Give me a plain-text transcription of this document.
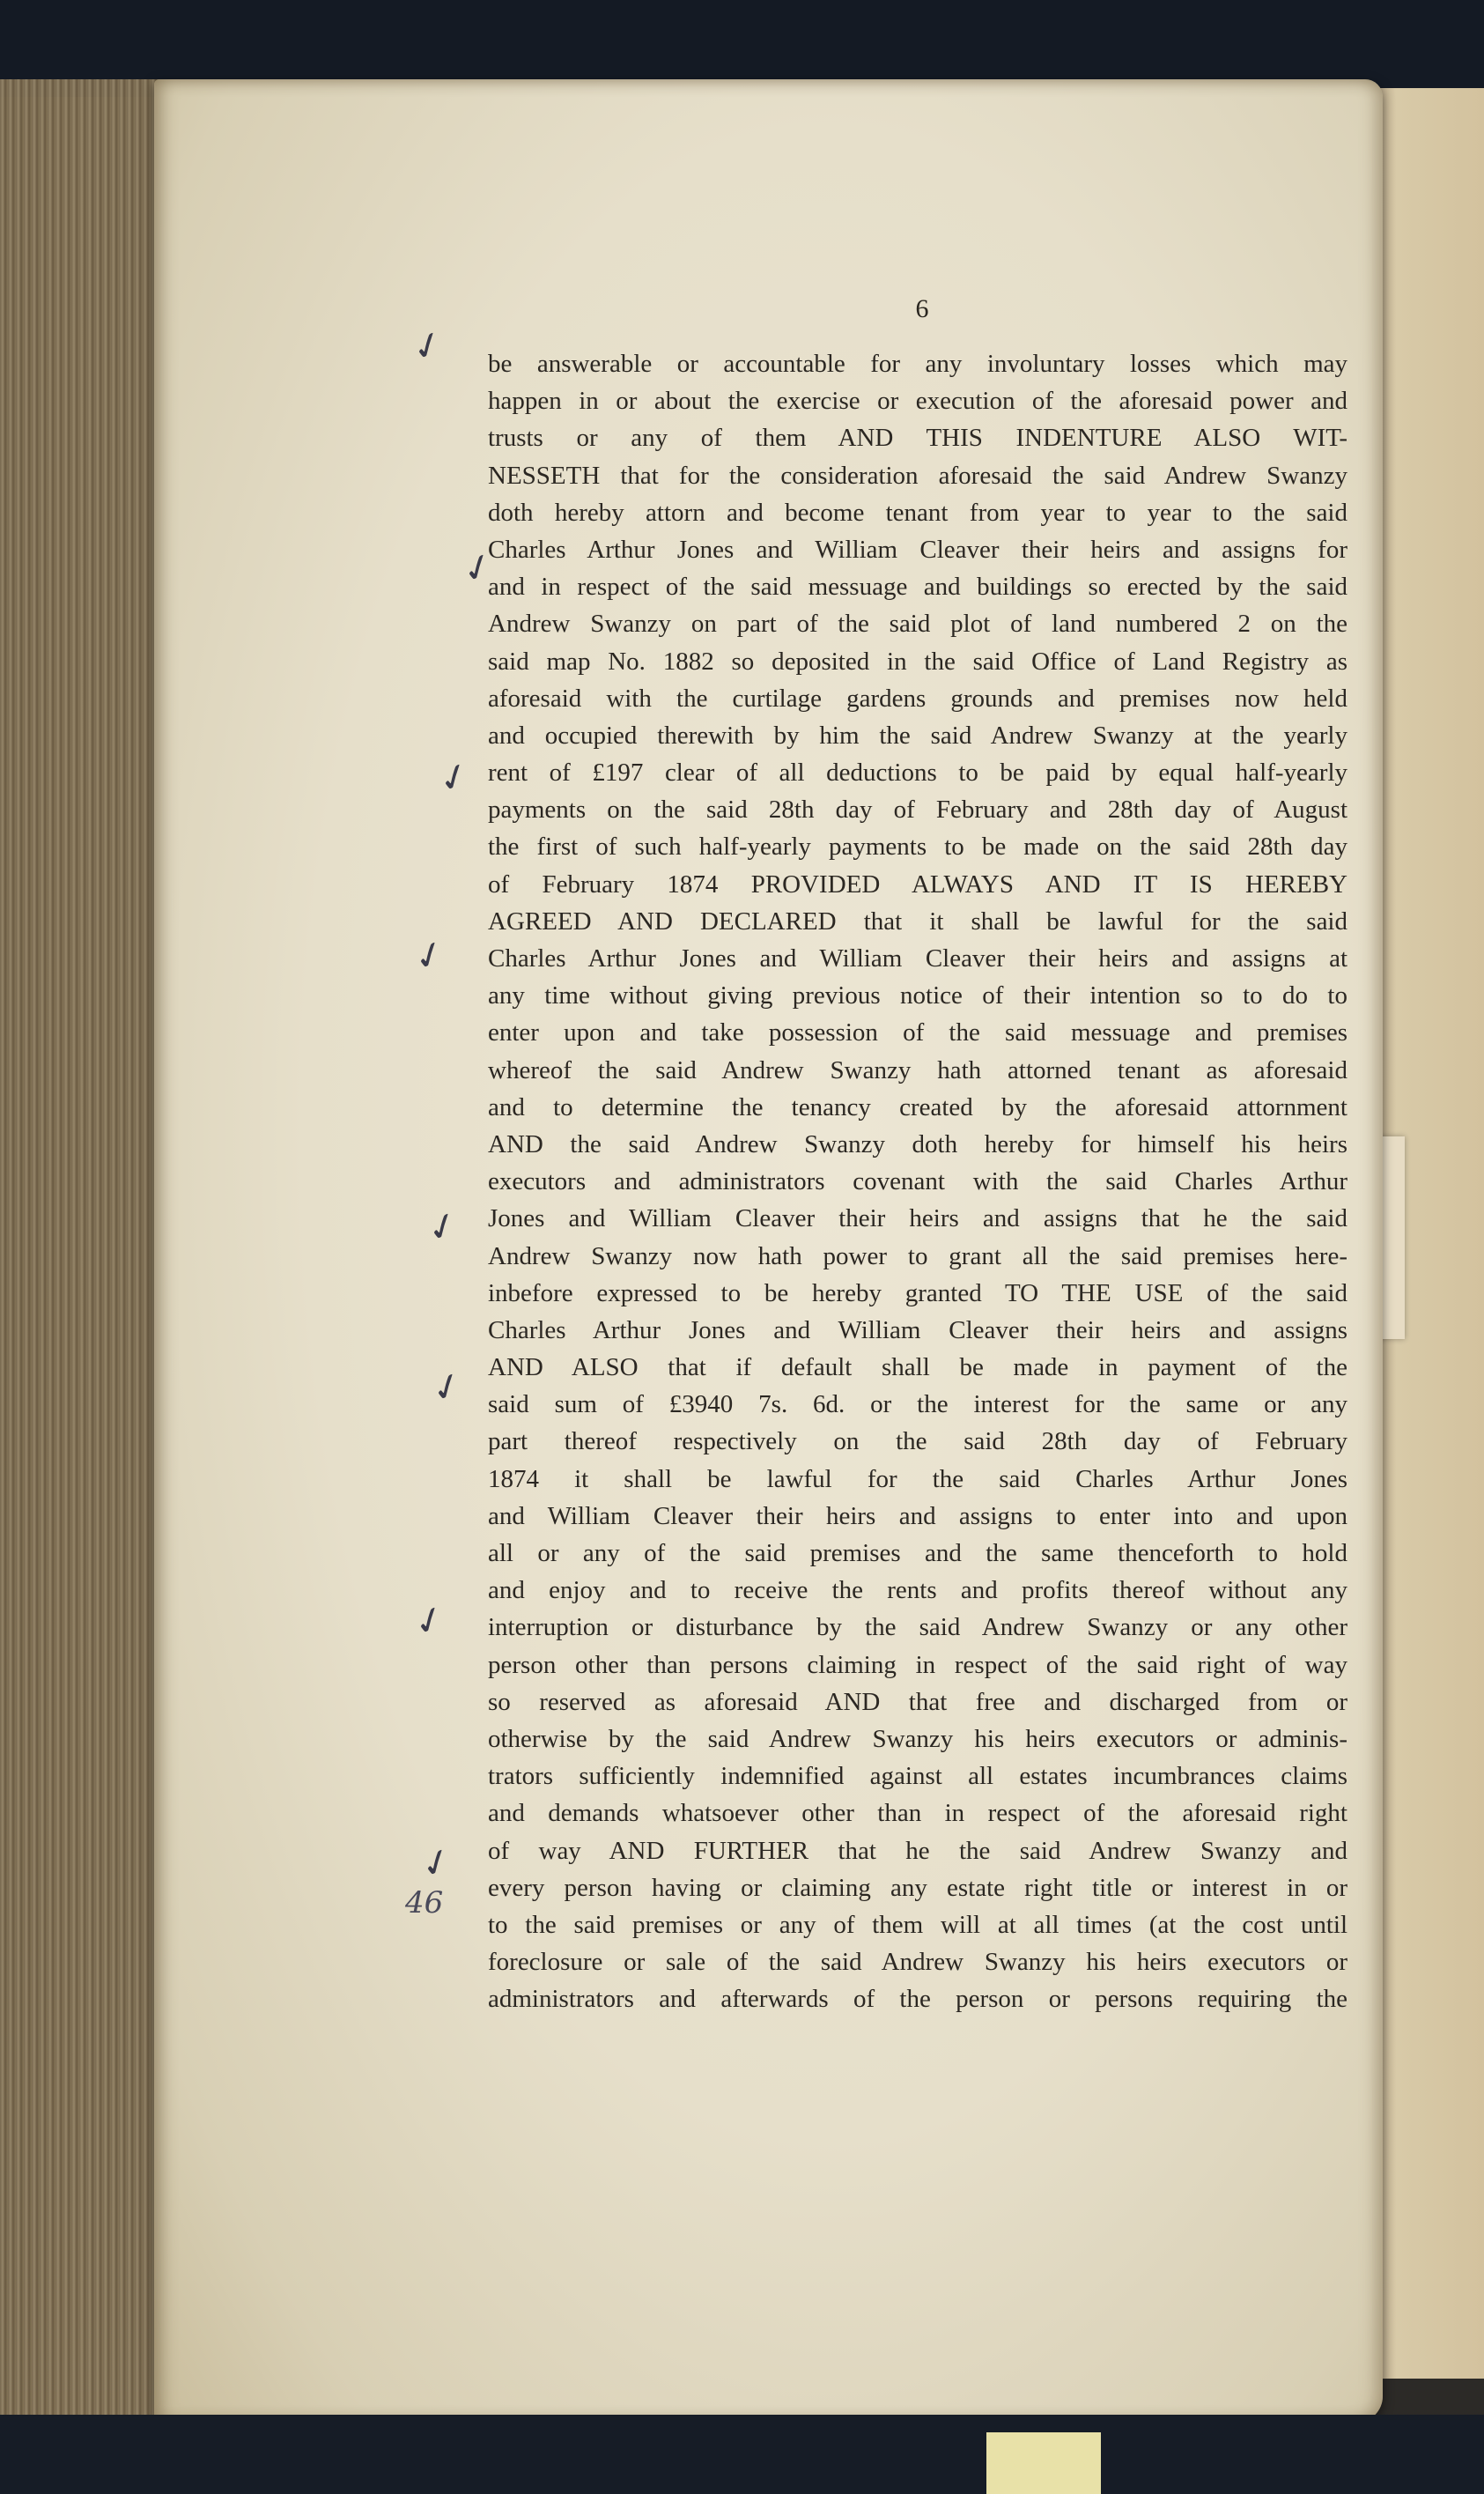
6
be answerable or accountable for any involuntary losses which may
happen in or about the exercise or execution of the aforesaid power and
trusts or any of them AND THIS INDENTURE ALSO WIT-
NESSETH that for the consideration aforesaid the said Andrew Swanzy
doth hereby attorn and become tenant from year to year to the said
Charles Arthur Jones and William Cleaver their heirs and assigns for
and in respect of the said messuage and buildings so erected by the said
Andrew Swanzy on part of the said plot of land numbered 2 on the
said map No. 1882 so deposited in the said Office of Land Registry as
aforesaid with the curtilage gardens grounds and premises now held
and occupied therewith by him the said Andrew Swanzy at the yearly
rent of £197 clear of all deductions to be paid by equal half-yearly
payments on the said 28th day of February and 28th day of August
the first of such half-yearly payments to be made on the said 28th day
of February 1874 PROVIDED ALWAYS AND IT IS HEREBY
AGREED AND DECLARED that it shall be lawful for the said
Charles Arthur Jones and William Cleaver their heirs and assigns at
any time without giving previous notice of their intention so to do to
enter upon and take possession of the said messuage and premises
whereof the said Andrew Swanzy hath attorned tenant as aforesaid
and to determine the tenancy created by the aforesaid attornment
AND the said Andrew Swanzy doth hereby for himself his heirs
executors and administrators covenant with the said Charles Arthur
Jones and William Cleaver their heirs and assigns that he the said
Andrew Swanzy now hath power to grant all the said premises here-
inbefore expressed to be hereby granted TO THE USE of the said
Charles Arthur Jones and William Cleaver their heirs and assigns
AND ALSO that if default shall be made in payment of the
said sum of £3940 7s. 6d. or the interest for the same or any
part thereof respectively on the said 28th day of February
1874 it shall be lawful for the said Charles Arthur Jones
and William Cleaver their heirs and assigns to enter into and upon
all or any of the said premises and the same thenceforth to hold
and enjoy and to receive the rents and profits thereof without any
interruption or disturbance by the said Andrew Swanzy or any other
person other than persons claiming in respect of the said right of way
so reserved as aforesaid AND that free and discharged from or
otherwise by the said Andrew Swanzy his heirs executors or adminis-
trators sufficiently indemnified against all estates incumbrances claims
and demands whatsoever other than in respect of the aforesaid right
of way AND FURTHER that he the said Andrew Swanzy and
every person having or claiming any estate right title or interest in or
to the said premises or any of them will at all times (at the cost until
foreclosure or sale of the said Andrew Swanzy his heirs executors or
administrators and afterwards of the person or persons requiring the
✓
✓
✓
✓
✓
✓
✓
✓
46
